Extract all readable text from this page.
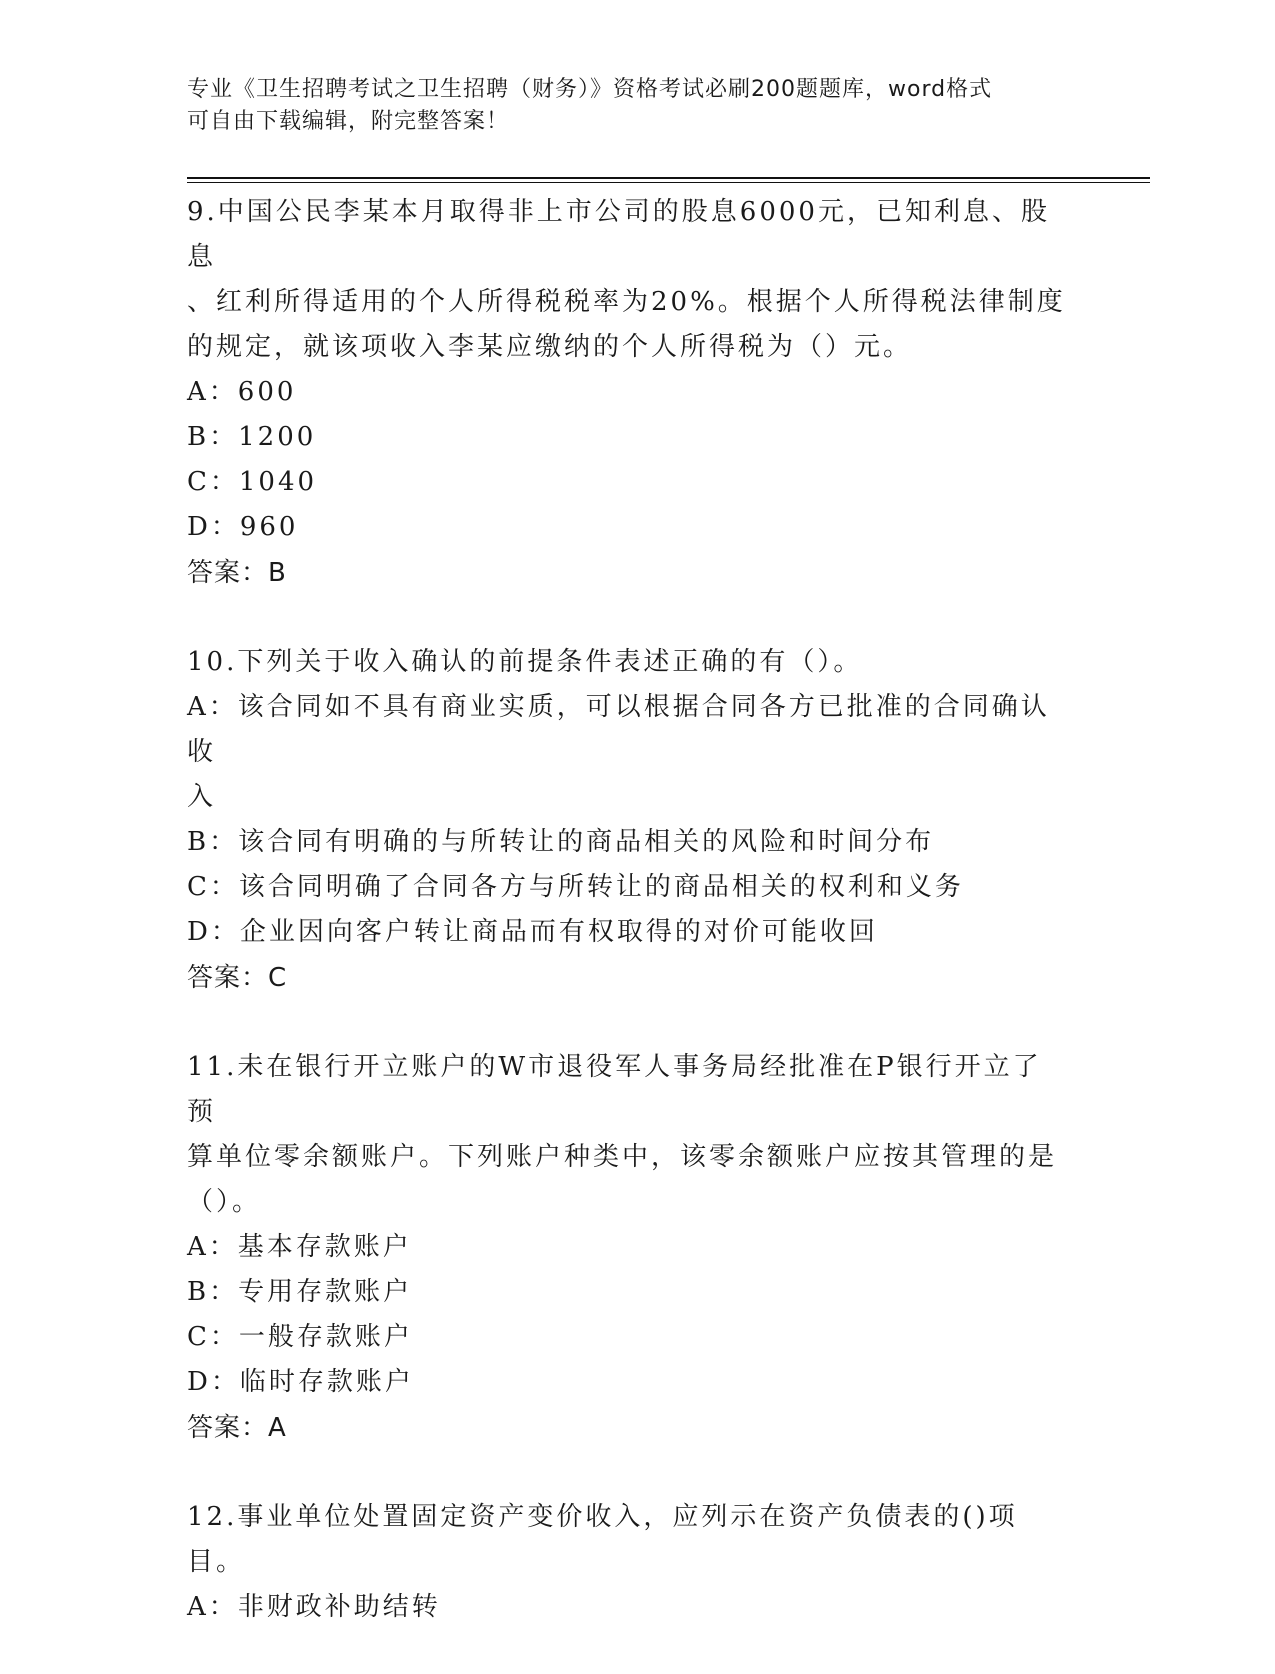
专业《卫生招聘考试之卫生招聘（财务）》资格考试必刷200题题库，word格式
可自由下载编辑，附完整答案！
9.中国公民李某本月取得非上市公司的股息6000元，已知利息、股息
、红利所得适用的个人所得税税率为20%。根据个人所得税法律制度
的规定，就该项收入李某应缴纳的个人所得税为（）元。
A：600
B：1200
C：1040
D：960
答案：B
10.下列关于收入确认的前提条件表述正确的有（）。
A：该合同如不具有商业实质，可以根据合同各方已批准的合同确认收
入
B：该合同有明确的与所转让的商品相关的风险和时间分布
C：该合同明确了合同各方与所转让的商品相关的权利和义务
D：企业因向客户转让商品而有权取得的对价可能收回
答案：C
11.未在银行开立账户的W市退役军人事务局经批准在P银行开立了预
算单位零余额账户。下列账户种类中，该零余额账户应按其管理的是
（）。
A：基本存款账户
B：专用存款账户
C：一般存款账户
D：临时存款账户
答案：A
12.事业单位处置固定资产变价收入，应列示在资产负债表的()项目。
A：非财政补助结转
